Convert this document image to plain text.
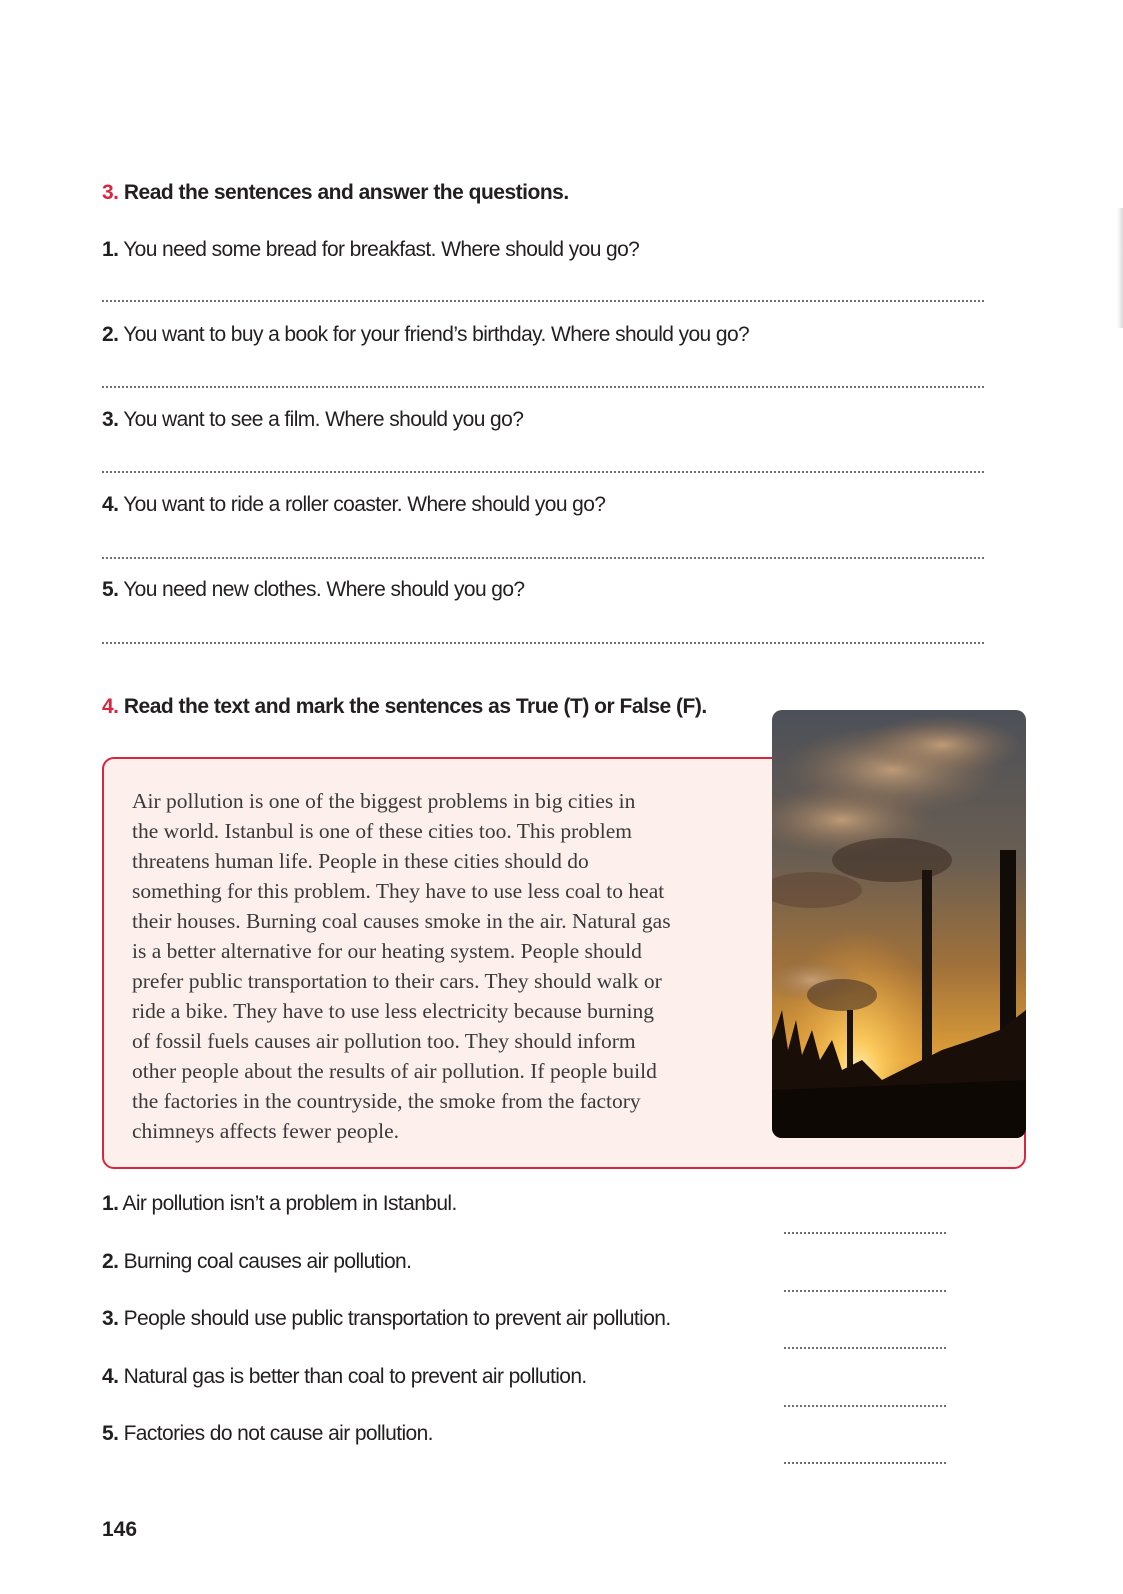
3. Read the sentences and answer the questions.
1. You need some bread for breakfast. Where should you go?
2. You want to buy a book for your friend’s birthday. Where should you go?
3. You want to see a film. Where should you go?
4. You want to ride a roller coaster. Where should you go?
5. You need new clothes. Where should you go?
4. Read the text and mark the sentences as True (T) or False (F).
Air pollution is one of the biggest problems in big cities in
the world. Istanbul is one of these cities too. This problem
threatens human life. People in these cities should do
something for this problem. They have to use less coal to heat
their houses. Burning coal causes smoke in the air. Natural gas
is a better alternative for our heating system. People should
prefer public transportation to their cars. They should walk or
ride a bike. They have to use less electricity because burning
of fossil fuels causes air pollution too. They should inform
other people about the results of air pollution. If people build
the factories in the countryside, the smoke from the factory
chimneys affects fewer people.
1. Air pollution isn’t a problem in Istanbul.
2. Burning coal causes air pollution.
3. People should use public transportation to prevent air pollution.
4. Natural gas is better than coal to prevent air pollution.
5. Factories do not cause air pollution.
146
